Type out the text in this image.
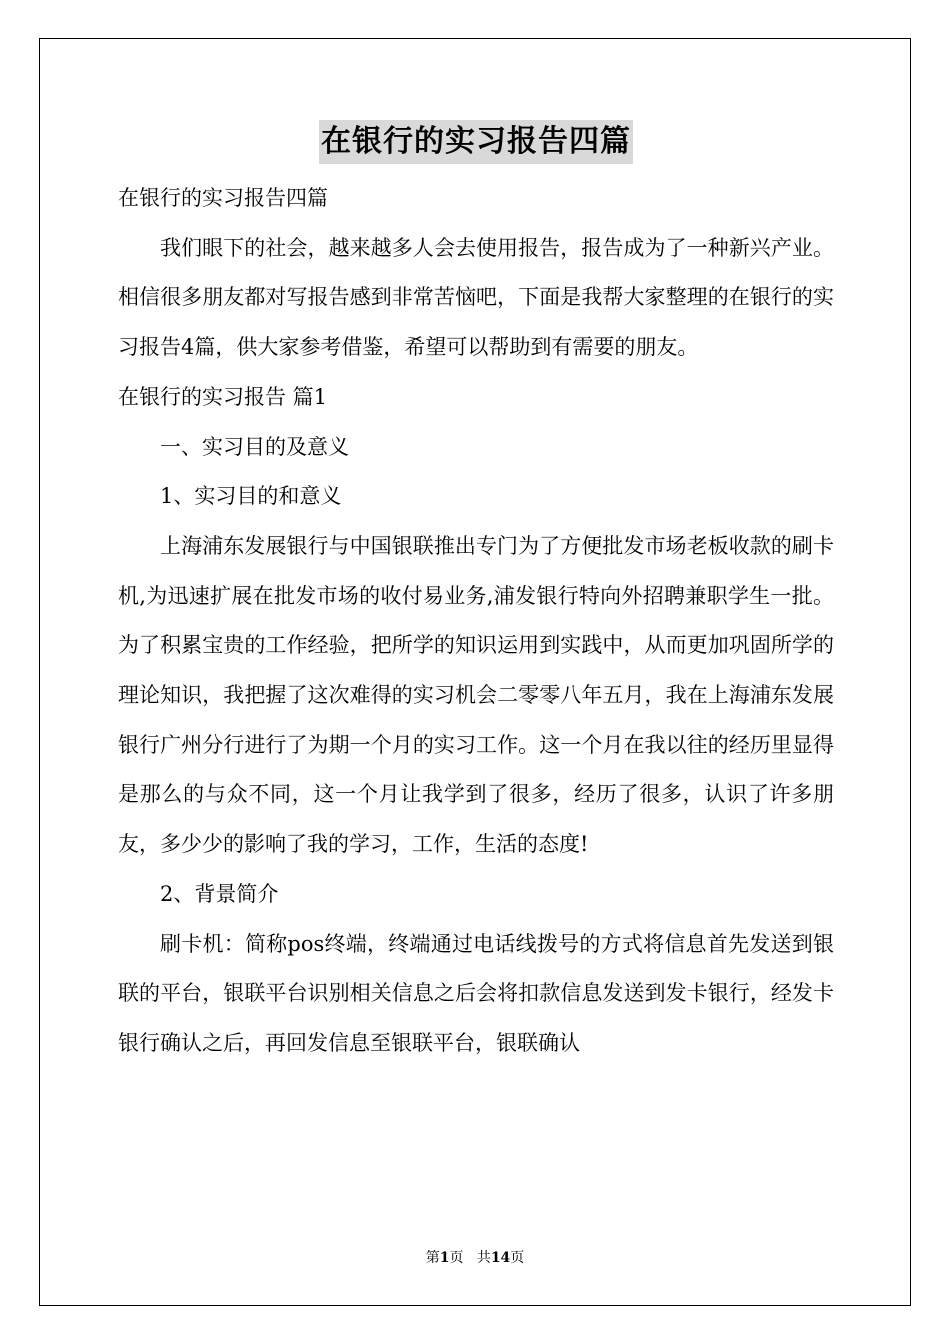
在银行的实习报告四篇

在银行的实习报告四篇

我们眼下的社会，越来越多人会去使用报告，报告成为了一种新兴产业。相信很多朋友都对写报告感到非常苦恼吧，下面是我帮大家整理的在银行的实习报告4篇，供大家参考借鉴，希望可以帮助到有需要的朋友。

在银行的实习报告 篇1

一、实习目的及意义

1、实习目的和意义

上海浦东发展银行与中国银联推出专门为了方便批发市场老板收款的刷卡机,为迅速扩展在批发市场的收付易业务,浦发银行特向外招聘兼职学生一批。为了积累宝贵的工作经验，把所学的知识运用到实践中，从而更加巩固所学的理论知识，我把握了这次难得的实习机会二零零八年五月，我在上海浦东发展银行广州分行进行了为期一个月的实习工作。这一个月在我以往的经历里显得是那么的与众不同，这一个月让我学到了很多，经历了很多，认识了许多朋友，多少少的影响了我的学习，工作，生活的态度!

2、背景简介

刷卡机：简称pos终端，终端通过电话线拨号的方式将信息首先发送到银联的平台，银联平台识别相关信息之后会将扣款信息发送到发卡银行，经发卡银行确认之后，再回发信息至银联平台，银联确认

第1页 共14页
